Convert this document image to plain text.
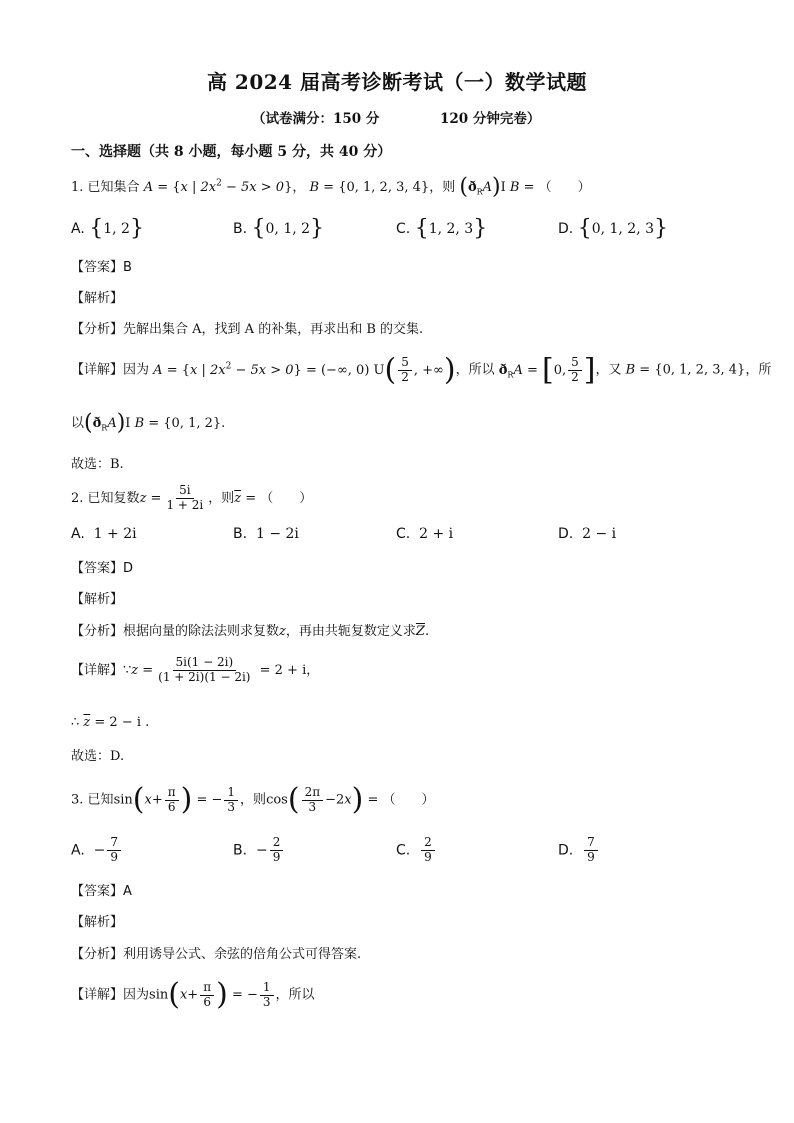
高 2024 届高考诊断考试（一）数学试题
（试卷满分：150 分	120 分钟完卷）
一、选择题（共 8 小题，每小题 5 分，共 40 分）
1. 已知集合 A = {x | $2x^2 - 5x > 0$}， B = {0, 1, 2, 3, 4}，则 $(ð_RA)I$ B = （　　）
A. {1, 2}	B. {0, 1, 2}	C. {1, 2, 3}	D. {0, 1, 2, 3}
【答案】B
【解析】
【分析】先解出集合 A，找到 A 的补集，再求出和 B 的交集.
【详解】因为 A = {x | $2x^2 - 5x > 0$} = (−∞, 0) $U( \frac{5}{2}$ , +∞)，所以 $ð_RA = [0$, $\frac{5}{2}$ ]，又 B = {0, 1, 2, 3, 4}，所
以$(ð_RA)I$ B = {0, 1, 2}.
故选：B.
2. 已知复数$z = \frac{5i}{1 + 2i}$ ，则$\overline{z}$ = （　　）
A.  1 + 2i	B.  1 − 2i	C.  2 + i	D.  2 − i
【答案】D
【解析】
【分析】根据向量的除法法则求复数z，再由共轭复数定义求$\overline{Z}$.
【详解】∵z = $\frac{5i(1 - 2i)}{(1 + 2i)(1 - 2i)} = 2 + i$，
∴ $\overline{z} = 2 - i$ .
故选：D.
3. 已知$\sin(x+ \frac{\pi}{6}$ ) = − $\frac{1}{3}$ ，则$\cos( \frac{2\pi}{3} -2x)$ = （　　）
A.  − $\frac{7}{9}$	B.  − $\frac{2}{9}$	C. $\frac{2}{9}$	D. $\frac{7}{9}$
【答案】A
【解析】
【分析】利用诱导公式、余弦的倍角公式可得答案.
【详解】因为$\sin(x+ \frac{\pi}{6}$ ) = − $\frac{1}{3}$ ，所以
